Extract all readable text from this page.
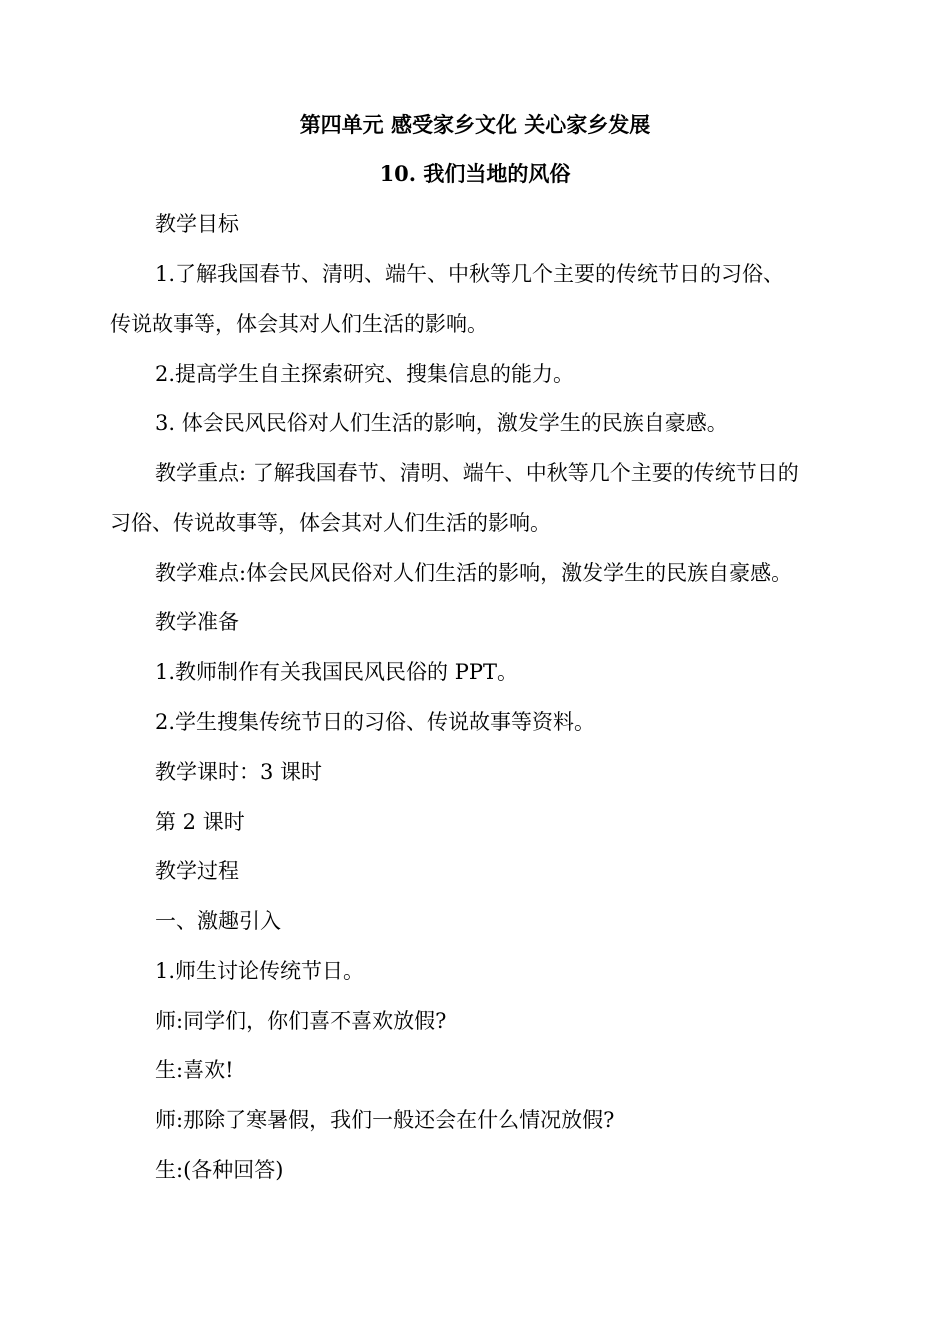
第四单元 感受家乡文化 关心家乡发展
10. 我们当地的风俗
教学目标
1.了解我国春节、清明、端午、中秋等几个主要的传统节日的习俗、
传说故事等，体会其对人们生活的影响。
2.提高学生自主探索研究、搜集信息的能力。
3. 体会民风民俗对人们生活的影响，激发学生的民族自豪感。
教学重点: 了解我国春节、清明、端午、中秋等几个主要的传统节日的
习俗、传说故事等，体会其对人们生活的影响。
教学难点:体会民风民俗对人们生活的影响，激发学生的民族自豪感。
教学准备
1.教师制作有关我国民风民俗的 PPT。
2.学生搜集传统节日的习俗、传说故事等资料。
教学课时：3 课时
第 2 课时
教学过程
一、激趣引入
1.师生讨论传统节日。
师:同学们，你们喜不喜欢放假?
生:喜欢!
师:那除了寒暑假，我们一般还会在什么情况放假?
生:(各种回答)
